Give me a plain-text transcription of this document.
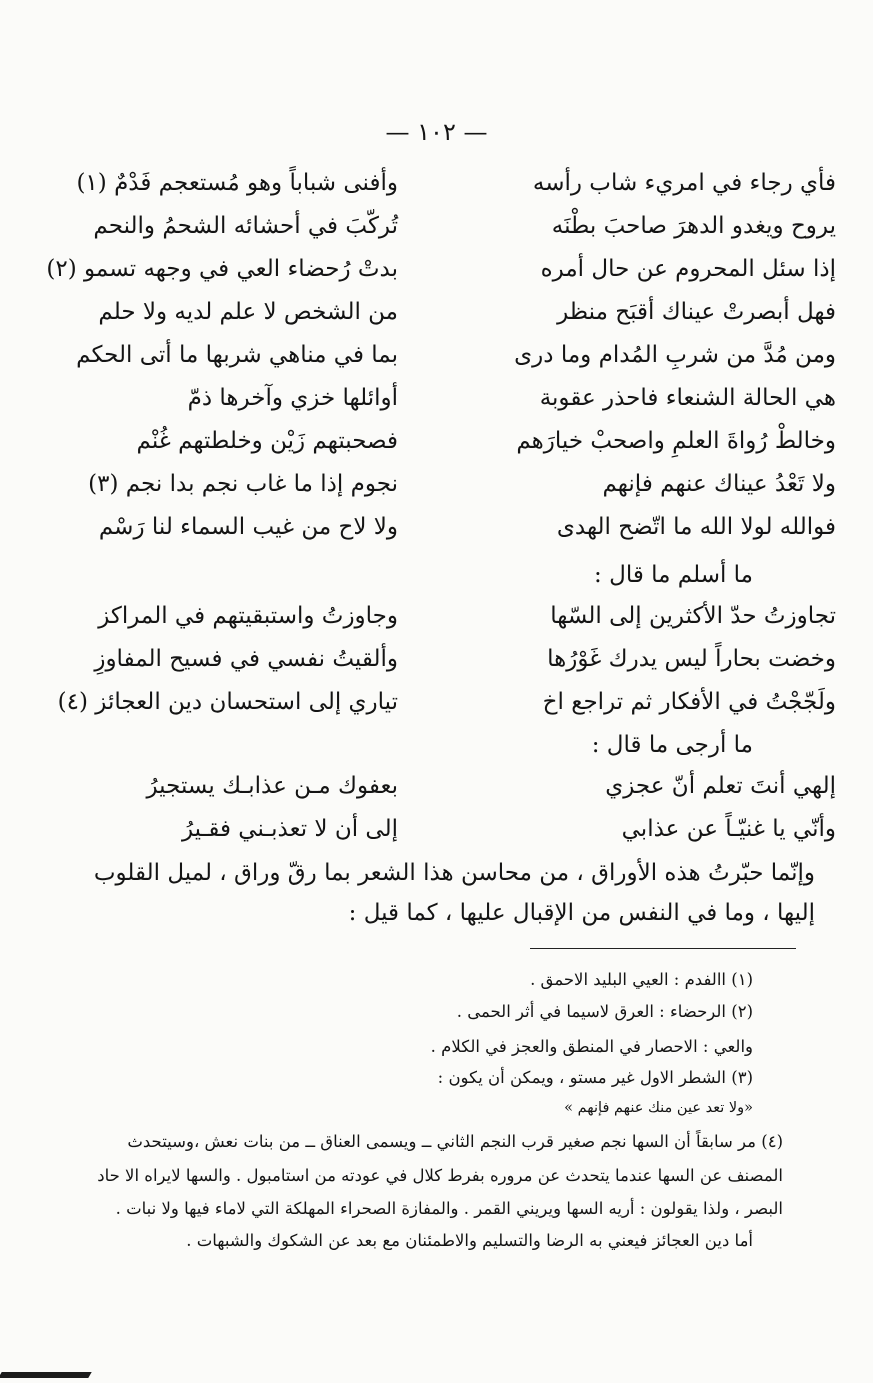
— ١٠٢ —
فأي رجاء في امريء شاب رأسه
وأفنى شباباً وهو مُستعجم فَدْمٌ (١)
يروح ويغدو الدهرَ صاحبَ بطْنَه
تُركّبَ في أحشائه الشحمُ والنحم
إذا سئل المحروم عن حال أمره
بدتْ رُحضاء العي في وجهه تسمو (٢)
فهل أبصرتْ عيناك أقبَح منظر
من الشخص لا علم لديه ولا حلم
ومن مُدَّ من شربِ المُدام وما درى
بما في مناهي شربها ما أتى الحكم
هي الحالة الشنعاء فاحذر عقوبة
أوائلها خزي وآخرها ذمّ
وخالطْ رُواةَ العلمِ واصحبْ خيارَهم
فصحبتهم زَيْن وخلطتهم غُنْم
ولا تَعْدُ عيناك عنهم فإنهم
نجوم إذا ما غاب نجم بدا نجم (٣)
فوالله لولا الله ما اتّضح الهدى
ولا لاح من غيب السماء لنا رَسْم
ما أسلم ما قال :
تجاوزتُ حدّ الأكثرين إلى السّها
وجاوزتُ واستبقيتهم في المراكز
وخضت بحاراً ليس يدرك غَوْرُها
وألقيتُ نفسي في فسيح المفاوزِ
ولَجّجْتُ في الأفكار ثم تراجع اخ
تياري إلى استحسان دين العجائز (٤)
ما أرجى ما قال :
إلهي أنتَ تعلم أنّ عجزي
بعفوك مـن عذابـك يستجيرُ
وأنّي يا غنيّـاً عن عذابي
إلى أن لا تعذبـني فقـيرُ
وإنّما حبّرتُ هذه الأوراق ، من محاسن هذا الشعر بما رقّ وراق ، لميل القلوب
إليها ، وما في النفس من الإقبال عليها ، كما قيل :
(١) االفدم : العيي البليد الاحمق .
(٢) الرحضاء : العرق لاسيما في أثر الحمى .
والعي : الاحصار في المنطق والعجز في الكلام .
(٣) الشطر الاول غير مستو ، ويمكن أن يكون :
«ولا تعد عين منك عنهم فإنهم »
(٤) مر سابقاً أن السها نجم صغير قرب النجم الثاني ــ ويسمى العناق ــ من بنات نعش ،وسيتحدث
المصنف عن السها عندما يتحدث عن مروره بفرط كلال في عودته من استامبول . والسها لايراه الا حاد
البصر ، ولذا يقولون : أريه السها ويريني القمر . والمفازة الصحراء المهلكة التي لاماء فيها ولا نبات .
أما دين العجائز فيعني به الرضا والتسليم والاطمئنان مع بعد عن الشكوك والشبهات .
